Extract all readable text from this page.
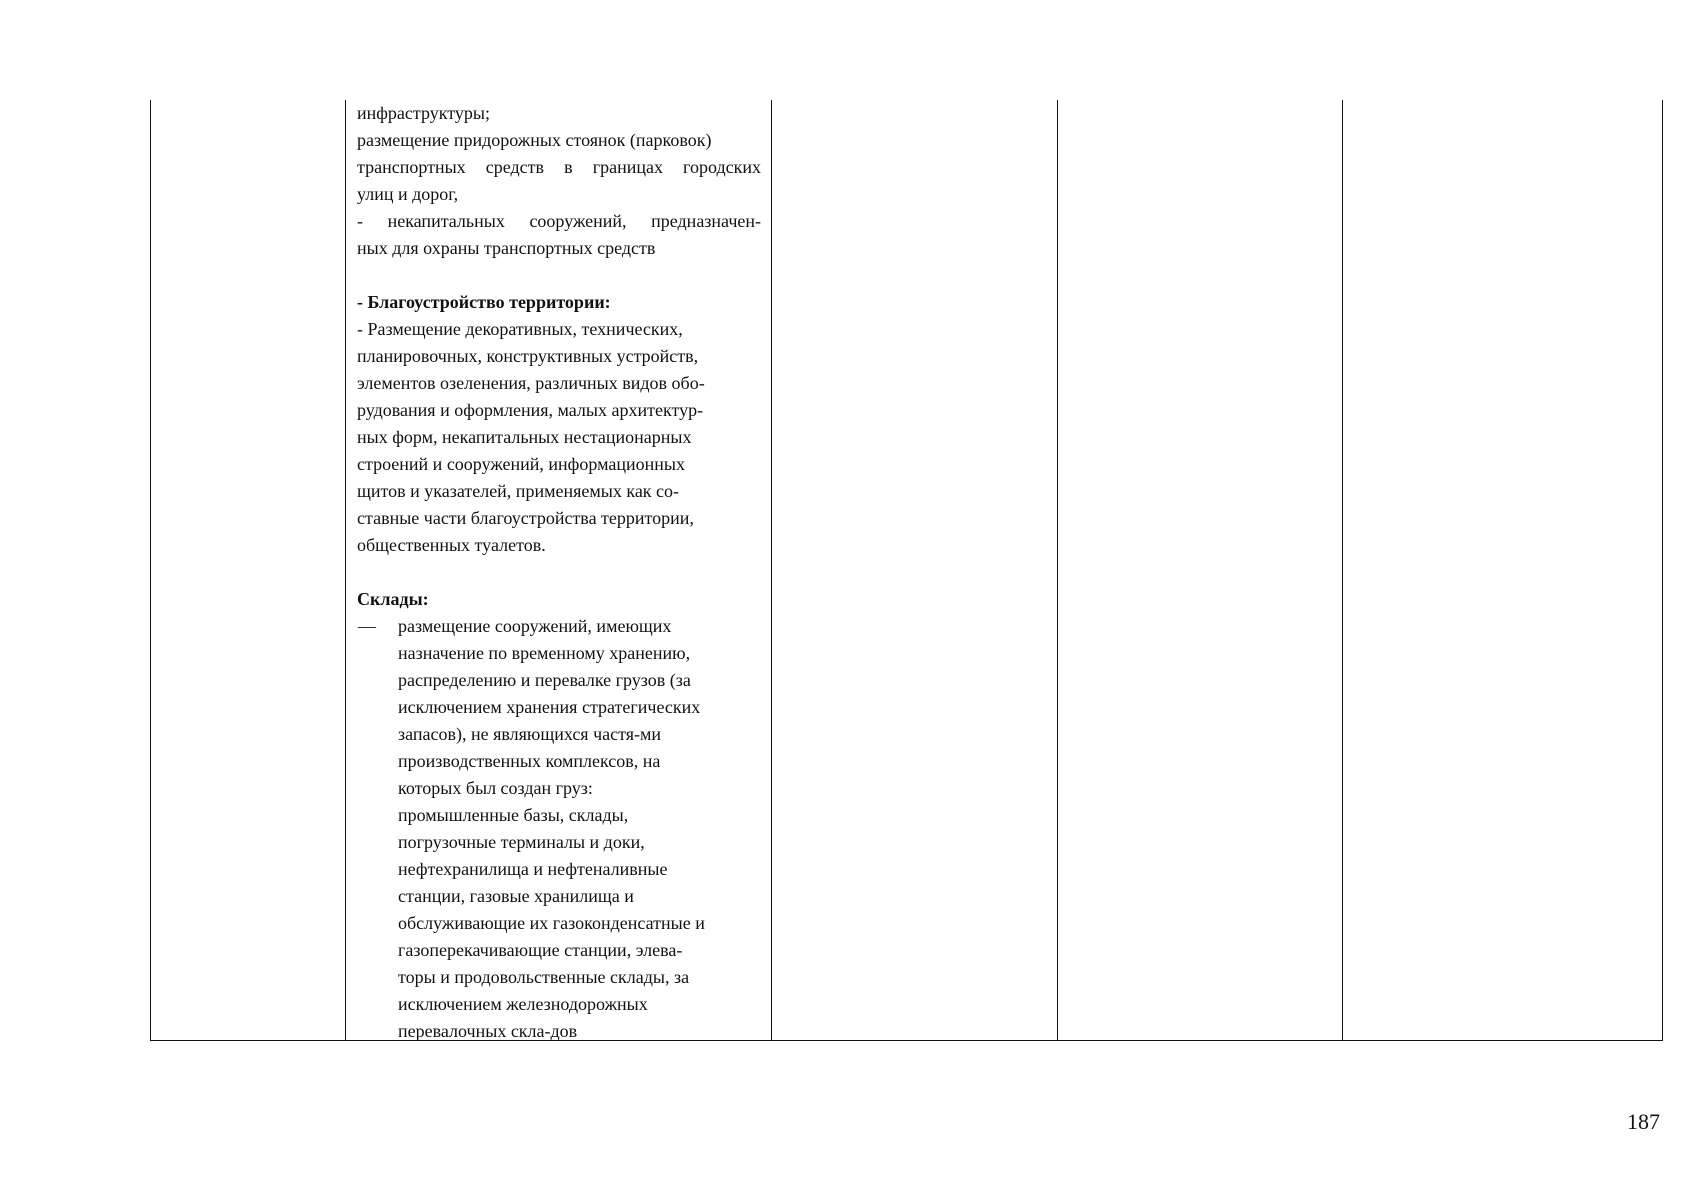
инфраструктуры;

размещение придорожных стоянок (парковок)

транспортных средств в границах городских

улиц и дорог,

- некапитальных сооружений, предназначен-

ных для охраны транспортных средств

- Благоустройство территории:

- Размещение декоративных, технических,

планировочных, конструктивных устройств,

элементов озеленения, различных видов обо-

рудования и оформления, малых архитектур-

ных форм, некапитальных нестационарных

строений и сооружений, информационных

щитов и указателей, применяемых как со-

ставные части благоустройства территории,

общественных туалетов.

Склады:

— размещение сооружений, имеющих

назначение по временному хранению,

распределению и перевалке грузов (за

исключением хранения стратегических

запасов), не являющихся частя-ми

производственных комплексов, на

которых был создан груз:

промышленные базы, склады,

погрузочные терминалы и доки,

нефтехранилища и нефтеналивные

станции, газовые хранилища и

обслуживающие их газоконденсатные и

газоперекачивающие станции, элева-

торы и продовольственные склады, за

исключением железнодорожных

перевалочных скла-дов

187
